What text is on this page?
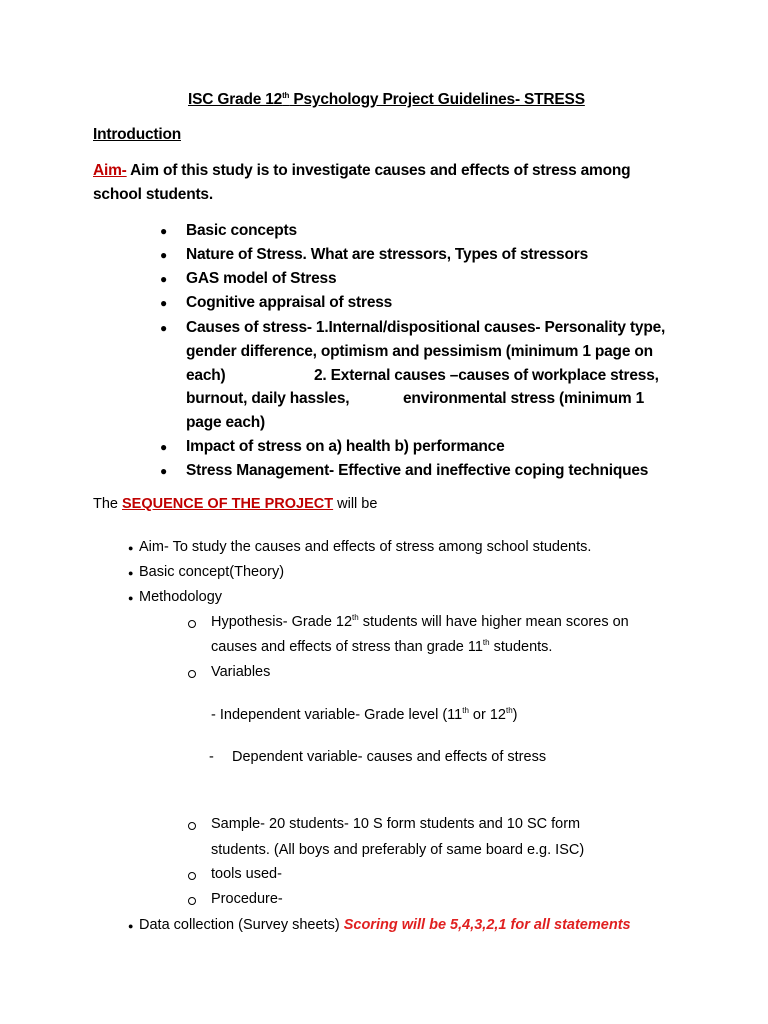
ISC Grade 12th Psychology Project Guidelines- STRESS
Introduction
Aim- Aim of this study is to investigate causes and effects of stress among
school students.
● Basic concepts
● Nature of Stress. What are stressors, Types of stressors
● GAS model of Stress
● Cognitive appraisal of stress
● Causes of stress- 1.Internal/dispositional causes- Personality type,
gender difference, optimism and pessimism (minimum 1 page on
each)	2. External causes –causes of workplace stress,
burnout, daily hassles,	environmental stress (minimum 1
page each)
● Impact of stress on a) health b) performance
● Stress Management- Effective and ineffective coping techniques
The SEQUENCE OF THE PROJECT will be
● Aim- To study the causes and effects of stress among school students.
● Basic concept(Theory)
● Methodology
Hypothesis- Grade 12th students will have higher mean scores on
causes and effects of stress than grade 11th students.
Variables
- Independent variable- Grade level (11th or 12th)
- Dependent variable- causes and effects of stress
Sample- 20 students- 10 S form students and 10 SC form
students. (All boys and preferably of same board e.g. ISC)
tools used-
Procedure-
● Data collection (Survey sheets) Scoring will be 5,4,3,2,1 for all statements
